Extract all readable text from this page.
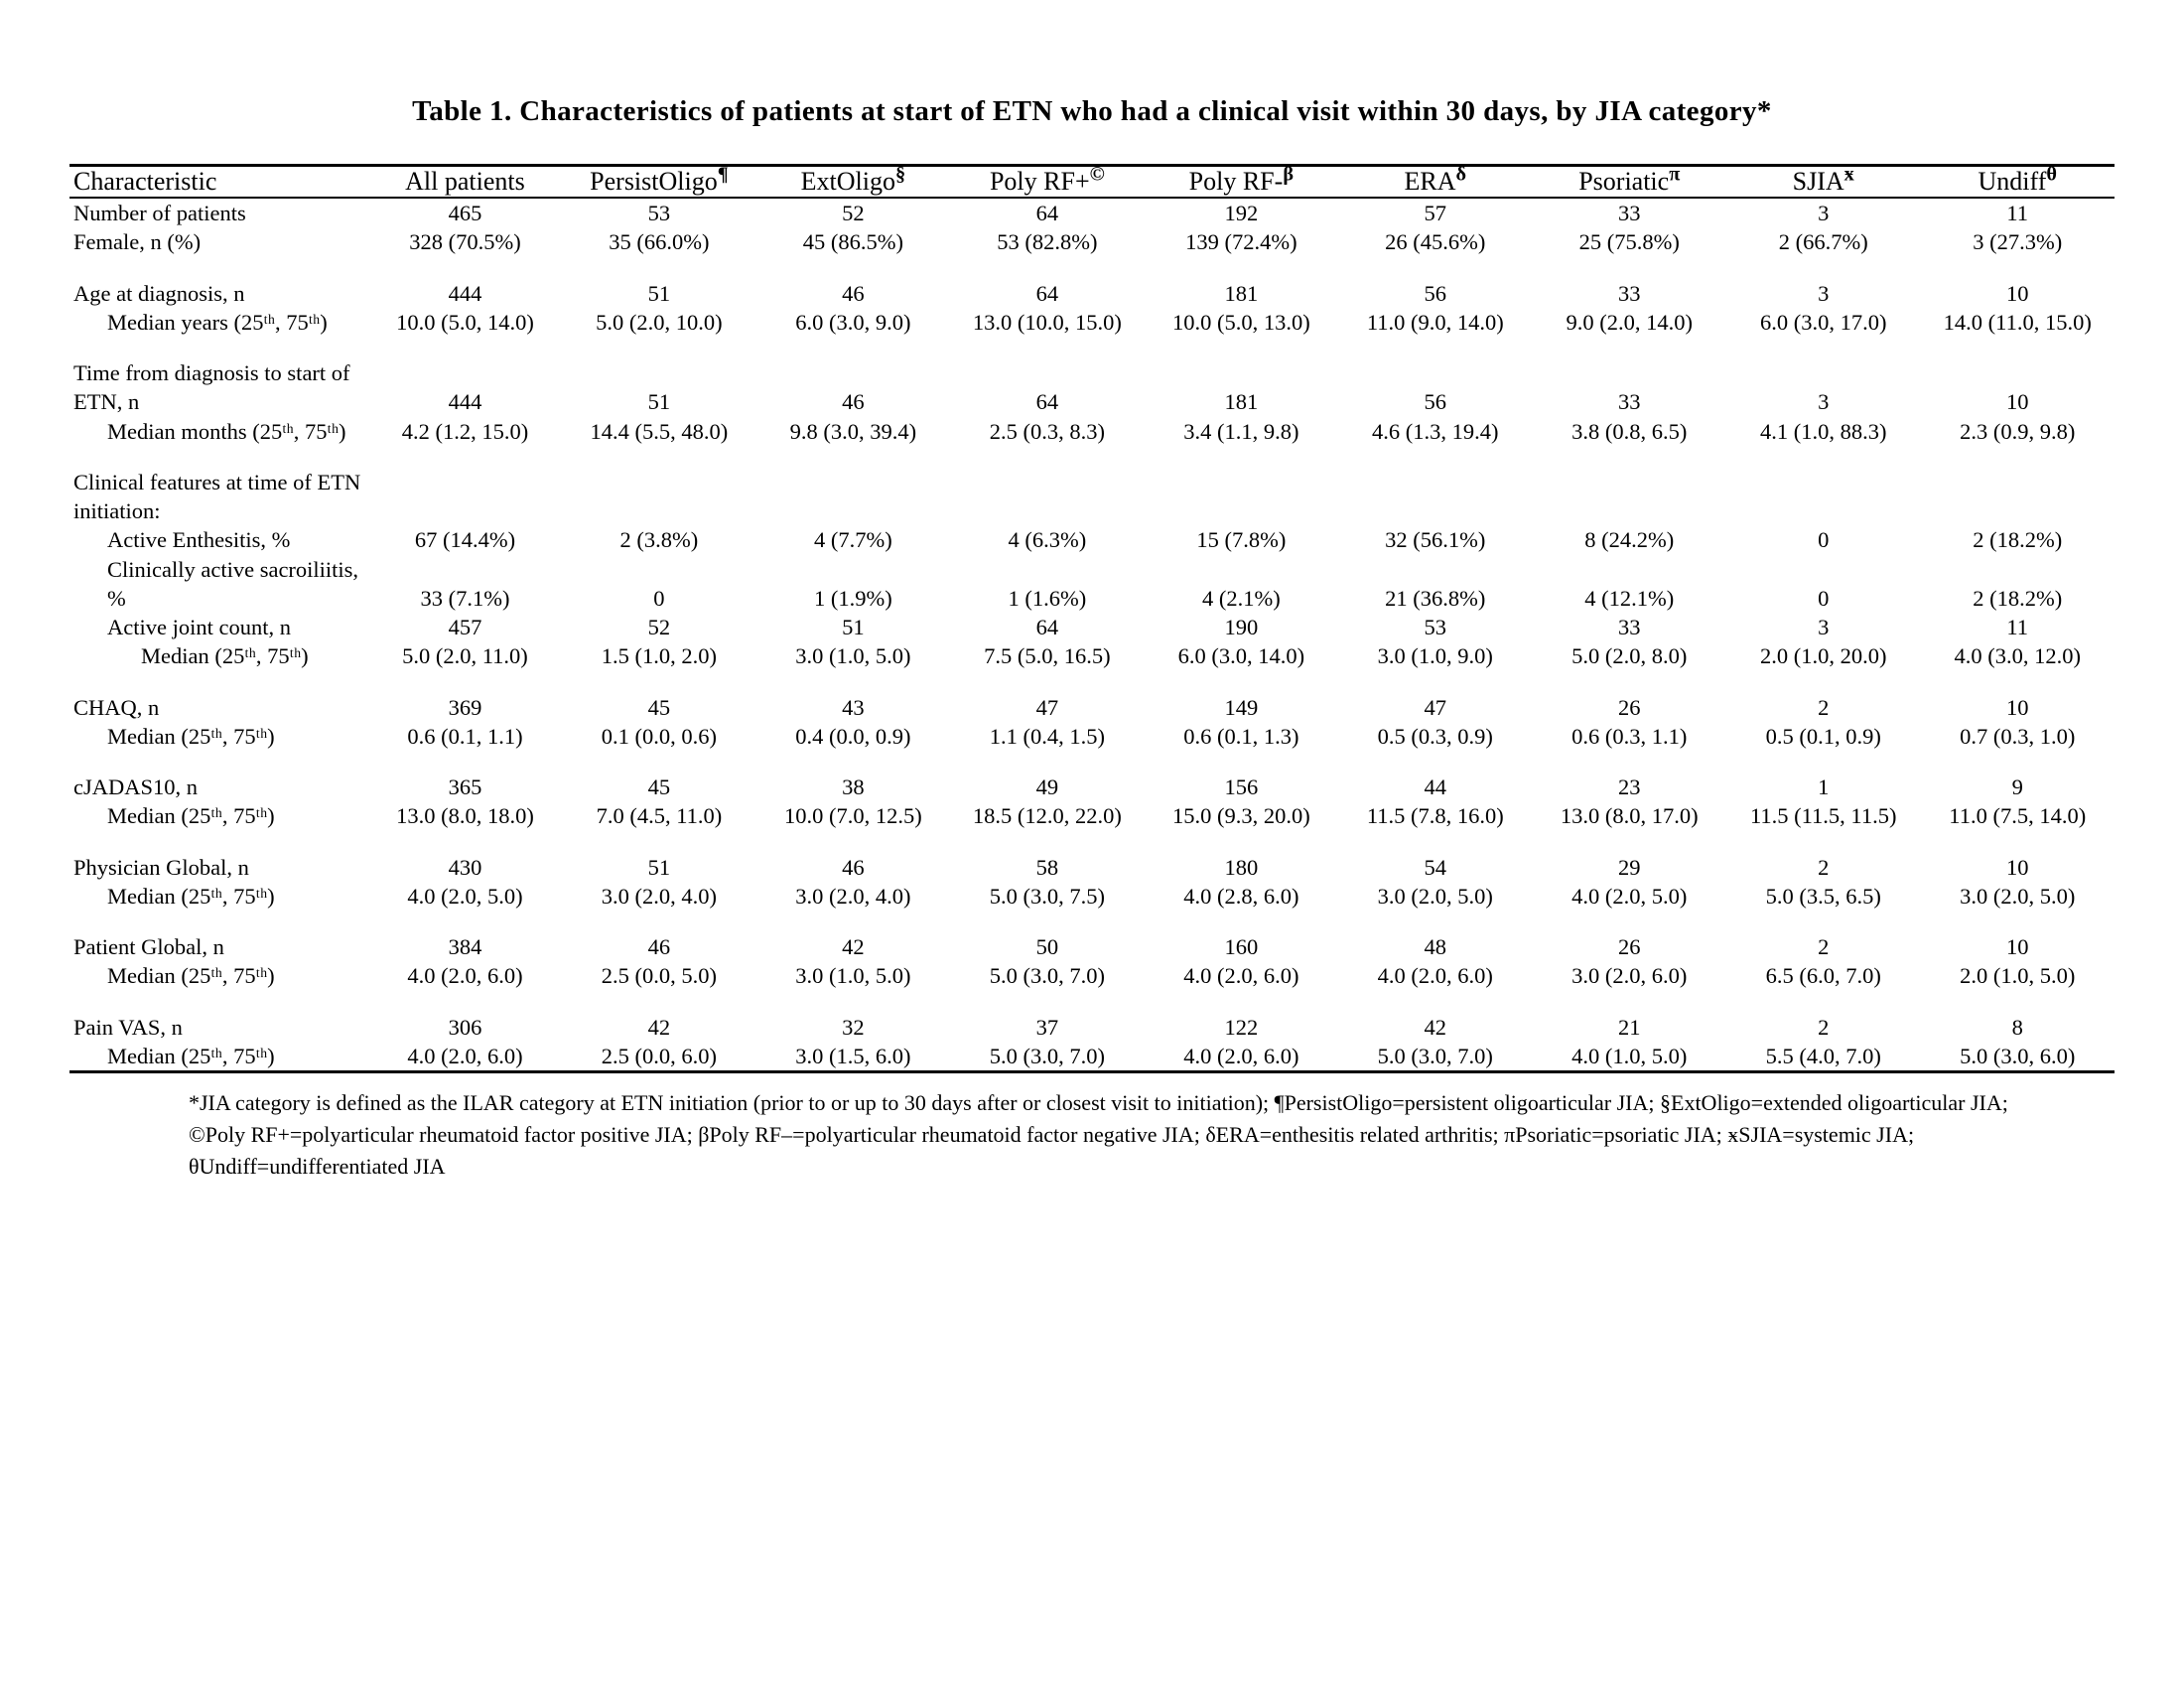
Table 1. Characteristics of patients at start of ETN who had a clinical visit within 30 days, by JIA category*
Characteristic	All patients	PersistOligo¶	ExtOligo§	Poly RF+©	Poly RF-$^\beta$	$ERA^\delta$	Psoriatic$^\pi$	$SJIA^ӿ$	Undiff$^\theta$
Number of patients	465	53	52	64	192	57	33	3	11
Female, n (%)	328 (70.5%)	35 (66.0%)	45 (86.5%)	53 (82.8%)	139 (72.4%)	26 (45.6%)	25 (75.8%)	2 (66.7%)	3 (27.3%)

Age at diagnosis, n	444	51	46	64	181	56	33	3	10
Median years (25ᵗʰ, 75ᵗʰ)	10.0 (5.0, 14.0)	5.0 (2.0, 10.0)	6.0 (3.0, 9.0)	13.0 (10.0, 15.0)	10.0 (5.0, 13.0)	11.0 (9.0, 14.0)	9.0 (2.0, 14.0)	6.0 (3.0, 17.0)	14.0 (11.0, 15.0)

Time from diagnosis to start of ETN, n	444	51	46	64	181	56	33	3	10
Median months (25ᵗʰ, 75ᵗʰ)	4.2 (1.2, 15.0)	14.4 (5.5, 48.0)	9.8 (3.0, 39.4)	2.5 (0.3, 8.3)	3.4 (1.1, 9.8)	4.6 (1.3, 19.4)	3.8 (0.8, 6.5)	4.1 (1.0, 88.3)	2.3 (0.9, 9.8)

Clinical features at time of ETN initiation:									
Active Enthesitis, %	67 (14.4%)	2 (3.8%)	4 (7.7%)	4 (6.3%)	15 (7.8%)	32 (56.1%)	8 (24.2%)	0	2 (18.2%)
Clinically active sacroiliitis, %	33 (7.1%)	0	1 (1.9%)	1 (1.6%)	4 (2.1%)	21 (36.8%)	4 (12.1%)	0	2 (18.2%)
Active joint count, n	457	52	51	64	190	53	33	3	11
Median (25ᵗʰ, 75ᵗʰ)	5.0 (2.0, 11.0)	1.5 (1.0, 2.0)	3.0 (1.0, 5.0)	7.5 (5.0, 16.5)	6.0 (3.0, 14.0)	3.0 (1.0, 9.0)	5.0 (2.0, 8.0)	2.0 (1.0, 20.0)	4.0 (3.0, 12.0)

CHAQ, n	369	45	43	47	149	47	26	2	10
Median (25ᵗʰ, 75ᵗʰ)	0.6 (0.1, 1.1)	0.1 (0.0, 0.6)	0.4 (0.0, 0.9)	1.1 (0.4, 1.5)	0.6 (0.1, 1.3)	0.5 (0.3, 0.9)	0.6 (0.3, 1.1)	0.5 (0.1, 0.9)	0.7 (0.3, 1.0)

cJADAS10, n	365	45	38	49	156	44	23	1	9
Median (25ᵗʰ, 75ᵗʰ)	13.0 (8.0, 18.0)	7.0 (4.5, 11.0)	10.0 (7.0, 12.5)	18.5 (12.0, 22.0)	15.0 (9.3, 20.0)	11.5 (7.8, 16.0)	13.0 (8.0, 17.0)	11.5 (11.5, 11.5)	11.0 (7.5, 14.0)

Physician Global, n	430	51	46	58	180	54	29	2	10
Median (25ᵗʰ, 75ᵗʰ)	4.0 (2.0, 5.0)	3.0 (2.0, 4.0)	3.0 (2.0, 4.0)	5.0 (3.0, 7.5)	4.0 (2.8, 6.0)	3.0 (2.0, 5.0)	4.0 (2.0, 5.0)	5.0 (3.5, 6.5)	3.0 (2.0, 5.0)

Patient Global, n	384	46	42	50	160	48	26	2	10
Median (25ᵗʰ, 75ᵗʰ)	4.0 (2.0, 6.0)	2.5 (0.0, 5.0)	3.0 (1.0, 5.0)	5.0 (3.0, 7.0)	4.0 (2.0, 6.0)	4.0 (2.0, 6.0)	3.0 (2.0, 6.0)	6.5 (6.0, 7.0)	2.0 (1.0, 5.0)

Pain VAS, n	306	42	32	37	122	42	21	2	8
Median (25ᵗʰ, 75ᵗʰ)	4.0 (2.0, 6.0)	2.5 (0.0, 6.0)	3.0 (1.5, 6.0)	5.0 (3.0, 7.0)	4.0 (2.0, 6.0)	5.0 (3.0, 7.0)	4.0 (1.0, 5.0)	5.5 (4.0, 7.0)	5.0 (3.0, 6.0)
*JIA category is defined as the ILAR category at ETN initiation (prior to or up to 30 days after or closest visit to initiation); ¶PersistOligo=persistent oligoarticular JIA; §ExtOligo=extended oligoarticular JIA; ©Poly RF+=polyarticular rheumatoid factor positive JIA; βPoly RF–=polyarticular rheumatoid factor negative JIA; δERA=enthesitis related arthritis; πPsoriatic=psoriatic JIA; ӿSJIA=systemic JIA; θUndiff=undifferentiated JIA
